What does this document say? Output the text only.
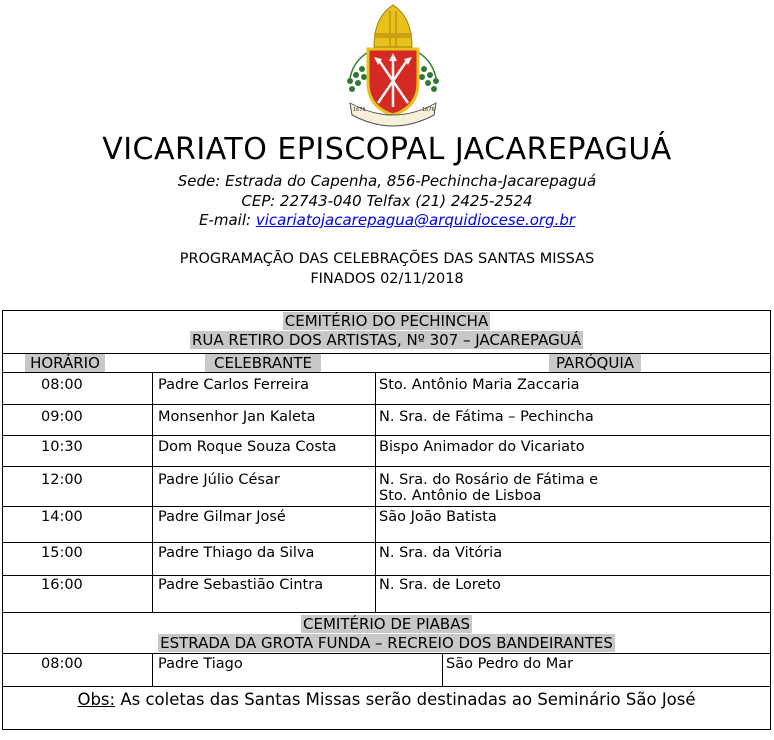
1676	1676
VICARIATO EPISCOPAL JACAREPAGUÁ
Sede: Estrada do Capenha, 856-Pechincha-Jacarepaguá
CEP: 22743-040 Telfax (21) 2425-2524
E-mail: vicariatojacarepagua@arquidiocese.org.br
PROGRAMAÇÃO DAS CELEBRAÇÕES DAS SANTAS MISSAS
FINADOS 02/11/2018
CEMITÉRIO DO PECHINCHA
RUA RETIRO DOS ARTISTAS, Nº 307 – JACAREPAGUÁ
HORÁRIO	CELEBRANTE	PARÓQUIA
08:00	Padre Carlos Ferreira	Sto. Antônio Maria Zaccaria
09:00	Monsenhor Jan Kaleta	N. Sra. de Fátima – Pechincha
10:30	Dom Roque Souza Costa	Bispo Animador do Vicariato
12:00	Padre Júlio César	N. Sra. do Rosário de Fátima e
Sto. Antônio de Lisboa
14:00	Padre Gilmar José	São João Batista
15:00	Padre Thiago da Silva	N. Sra. da Vitória
16:00	Padre Sebastião Cintra	N. Sra. de Loreto
CEMITÉRIO DE PIABAS
ESTRADA DA GROTA FUNDA – RECREIO DOS BANDEIRANTES
08:00	Padre Tiago	São Pedro do Mar
Obs: As coletas das Santas Missas serão destinadas ao Seminário São José
